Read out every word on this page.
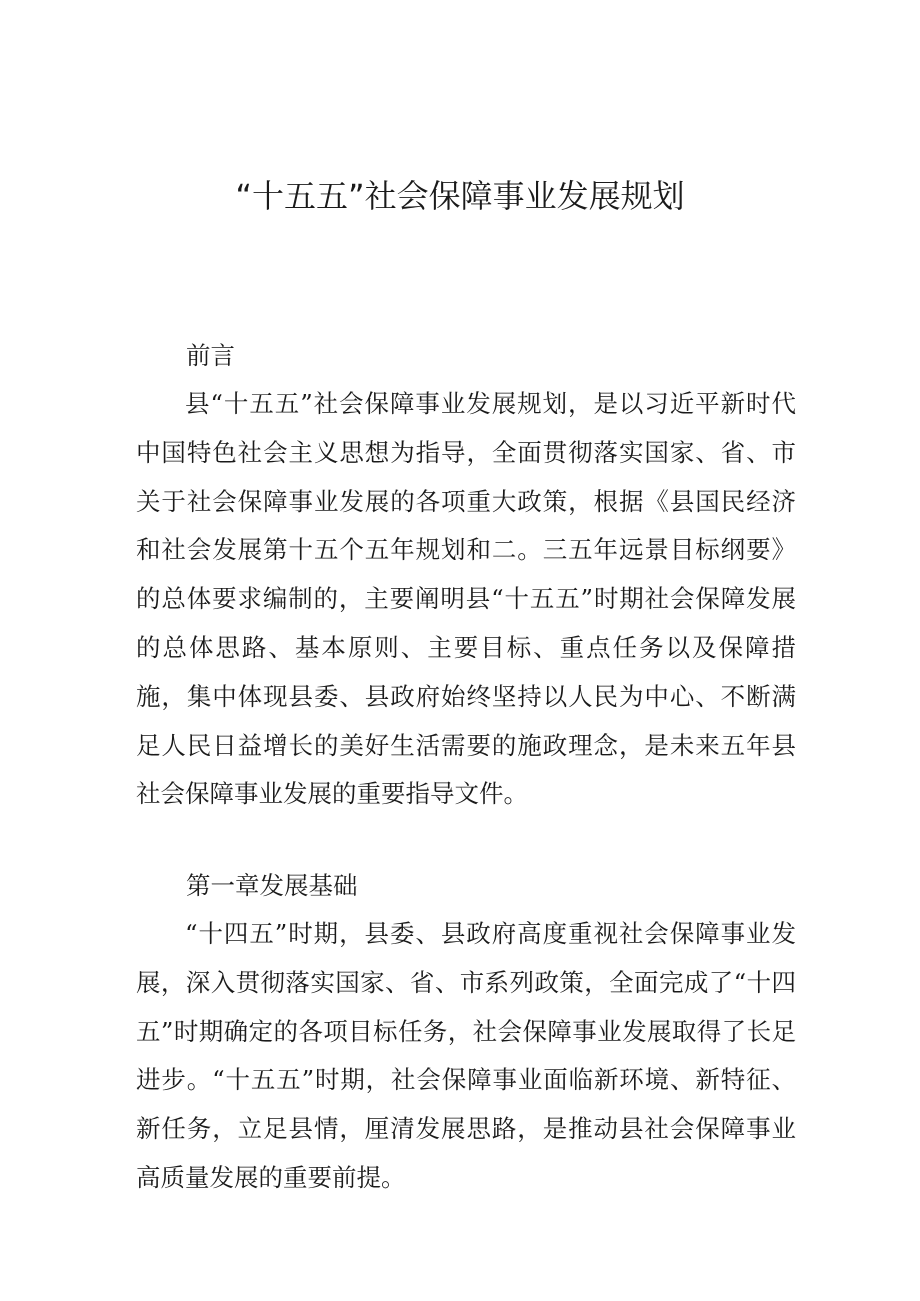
“十五五”社会保障事业发展规划
前言

县“十五五”社会保障事业发展规划，是以习近平新时代中国特色社会主义思想为指导，全面贯彻落实国家、省、市关于社会保障事业发展的各项重大政策，根据《县国民经济和社会发展第十五个五年规划和二。三五年远景目标纲要》的总体要求编制的，主要阐明县“十五五”时期社会保障发展的总体思路、基本原则、主要目标、重点任务以及保障措施，集中体现县委、县政府始终坚持以人民为中心、不断满足人民日益增长的美好生活需要的施政理念，是未来五年县社会保障事业发展的重要指导文件。

第一章发展基础

“十四五”时期，县委、县政府高度重视社会保障事业发展，深入贯彻落实国家、省、市系列政策，全面完成了“十四五”时期确定的各项目标任务，社会保障事业发展取得了长足进步。“十五五”时期，社会保障事业面临新环境、新特征、新任务，立足县情，厘清发展思路，是推动县社会保障事业高质量发展的重要前提。
